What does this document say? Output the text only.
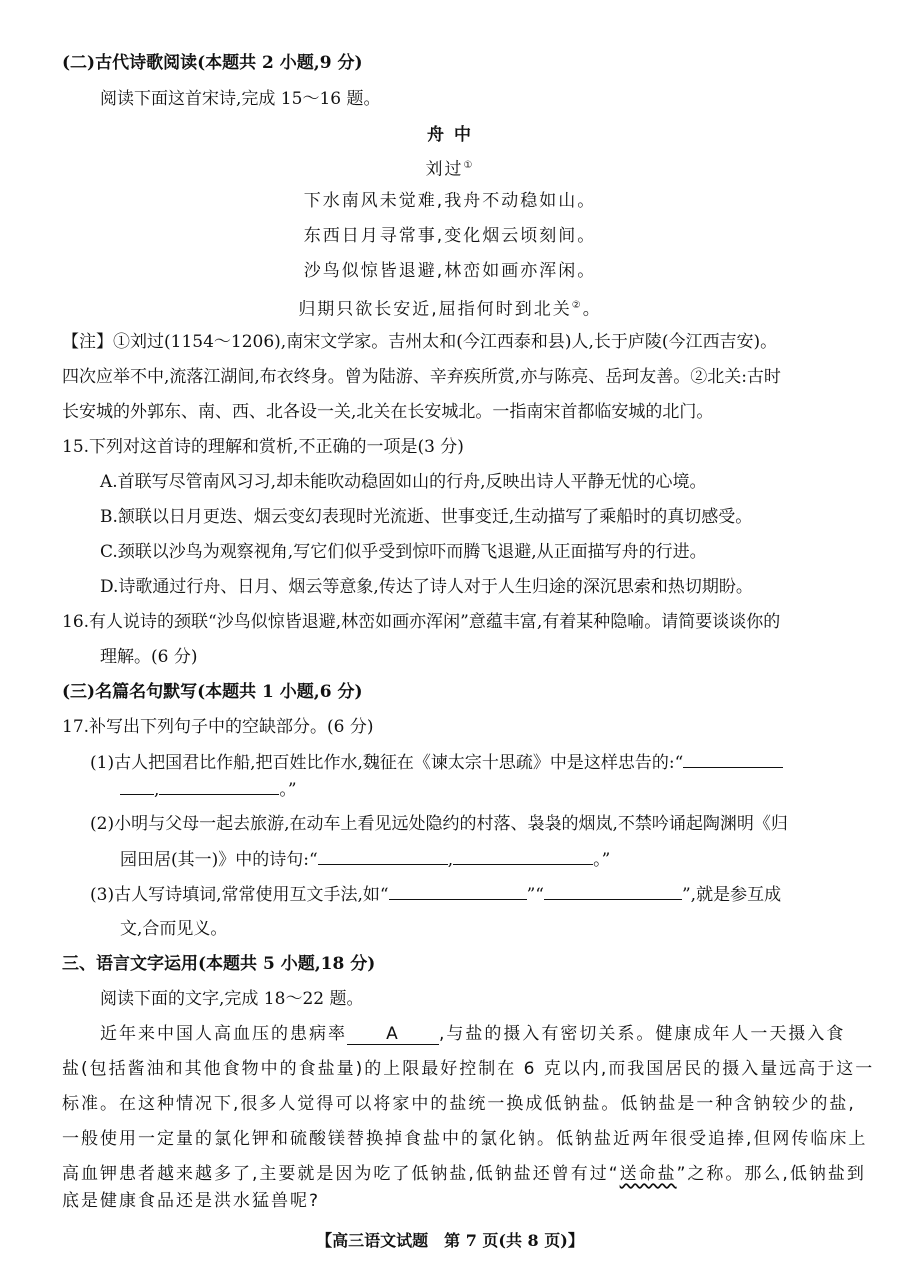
(二)古代诗歌阅读(本题共 2 小题,9 分)
阅读下面这首宋诗,完成 15～16 题。
舟 中
刘过①
下水南风未觉难,我舟不动稳如山。
东西日月寻常事,变化烟云顷刻间。
沙鸟似惊皆退避,林峦如画亦浑闲。
归期只欲长安近,屈指何时到北关②。
【注】①刘过(1154～1206),南宋文学家。吉州太和(今江西泰和县)人,长于庐陵(今江西吉安)。
四次应举不中,流落江湖间,布衣终身。曾为陆游、辛弃疾所赏,亦与陈亮、岳珂友善。②北关:古时
长安城的外郭东、南、西、北各设一关,北关在长安城北。一指南宋首都临安城的北门。
15.下列对这首诗的理解和赏析,不正确的一项是(3 分)
A.首联写尽管南风习习,却未能吹动稳固如山的行舟,反映出诗人平静无忧的心境。
B.颔联以日月更迭、烟云变幻表现时光流逝、世事变迁,生动描写了乘船时的真切感受。
C.颈联以沙鸟为观察视角,写它们似乎受到惊吓而腾飞退避,从正面描写舟的行进。
D.诗歌通过行舟、日月、烟云等意象,传达了诗人对于人生归途的深沉思索和热切期盼。
16.有人说诗的颈联“沙鸟似惊皆退避,林峦如画亦浑闲”意蕴丰富,有着某种隐喻。请简要谈谈你的
理解。(6 分)
(三)名篇名句默写(本题共 1 小题,6 分)
17.补写出下列句子中的空缺部分。(6 分)
(1)古人把国君比作船,把百姓比作水,魏征在《谏太宗十思疏》中是这样忠告的:“
,	。”
(2)小明与父母一起去旅游,在动车上看见远处隐约的村落、袅袅的烟岚,不禁吟诵起陶渊明《归
园田居(其一)》中的诗句:“	,	。”
(3)古人写诗填词,常常使用互文手法,如“	”“	”,就是参互成
文,合而见义。
三、语言文字运用(本题共 5 小题,18 分)
阅读下面的文字,完成 18～22 题。
近年来中国人高血压的患病率 A ,与盐的摄入有密切关系。健康成年人一天摄入食
盐(包括酱油和其他食物中的食盐量)的上限最好控制在 6 克以内,而我国居民的摄入量远高于这一
标准。在这种情况下,很多人觉得可以将家中的盐统一换成低钠盐。低钠盐是一种含钠较少的盐,
一般使用一定量的氯化钾和硫酸镁替换掉食盐中的氯化钠。低钠盐近两年很受追捧,但网传临床上
高血钾患者越来越多了,主要就是因为吃了低钠盐,低钠盐还曾有过“送命盐”之称。那么,低钠盐到
底是健康食品还是洪水猛兽呢?
【高三语文试题　第 7 页(共 8 页)】
